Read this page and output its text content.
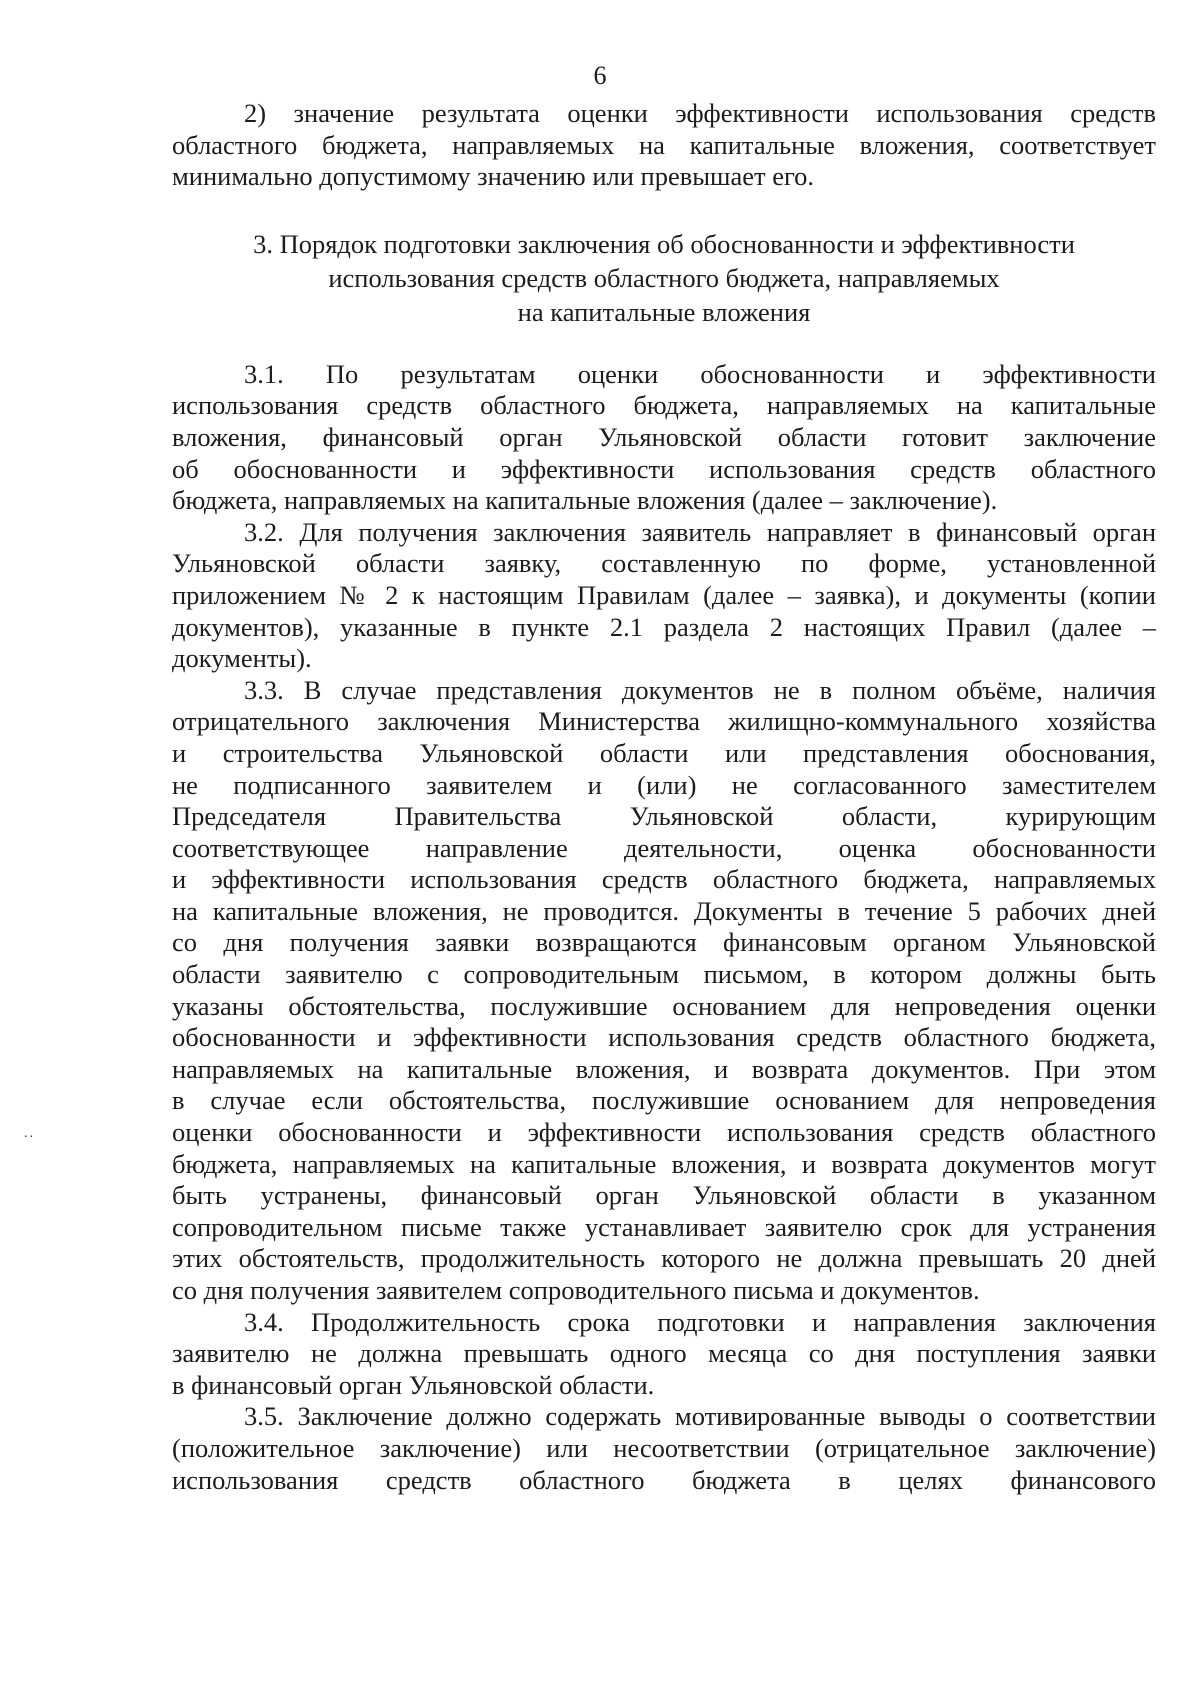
6
..
2) значение результата оценки эффективности использования средств
областного бюджета, направляемых на капитальные вложения, соответствует
минимально допустимому значению или превышает его.
3. Порядок подготовки заключения об обоснованности и эффективности
использования средств областного бюджета, направляемых
на капитальные вложения
3.1. По результатам оценки обоснованности и эффективности
использования средств областного бюджета, направляемых на капитальные
вложения, финансовый орган Ульяновской области готовит заключение
об обоснованности и эффективности использования средств областного
бюджета, направляемых на капитальные вложения (далее – заключение).
3.2. Для получения заключения заявитель направляет в финансовый орган
Ульяновской области заявку, составленную по форме, установленной
приложением № 2 к настоящим Правилам (далее – заявка), и документы (копии
документов), указанные в пункте 2.1 раздела 2 настоящих Правил (далее –
документы).
3.3. В случае представления документов не в полном объёме, наличия
отрицательного заключения Министерства жилищно-коммунального хозяйства
и строительства Ульяновской области или представления обоснования,
не подписанного заявителем и (или) не согласованного заместителем
Председателя Правительства Ульяновской области, курирующим
соответствующее направление деятельности, оценка обоснованности
и эффективности использования средств областного бюджета, направляемых
на капитальные вложения, не проводится. Документы в течение 5 рабочих дней
со дня получения заявки возвращаются финансовым органом Ульяновской
области заявителю с сопроводительным письмом, в котором должны быть
указаны обстоятельства, послужившие основанием для непроведения оценки
обоснованности и эффективности использования средств областного бюджета,
направляемых на капитальные вложения, и возврата документов. При этом
в случае если обстоятельства, послужившие основанием для непроведения
оценки обоснованности и эффективности использования средств областного
бюджета, направляемых на капитальные вложения, и возврата документов могут
быть устранены, финансовый орган Ульяновской области в указанном
сопроводительном письме также устанавливает заявителю срок для устранения
этих обстоятельств, продолжительность которого не должна превышать 20 дней
со дня получения заявителем сопроводительного письма и документов.
3.4. Продолжительность срока подготовки и направления заключения
заявителю не должна превышать одного месяца со дня поступления заявки
в финансовый орган Ульяновской области.
3.5. Заключение должно содержать мотивированные выводы о соответствии
(положительное заключение) или несоответствии (отрицательное заключение)
использования средств областного бюджета в целях финансового
